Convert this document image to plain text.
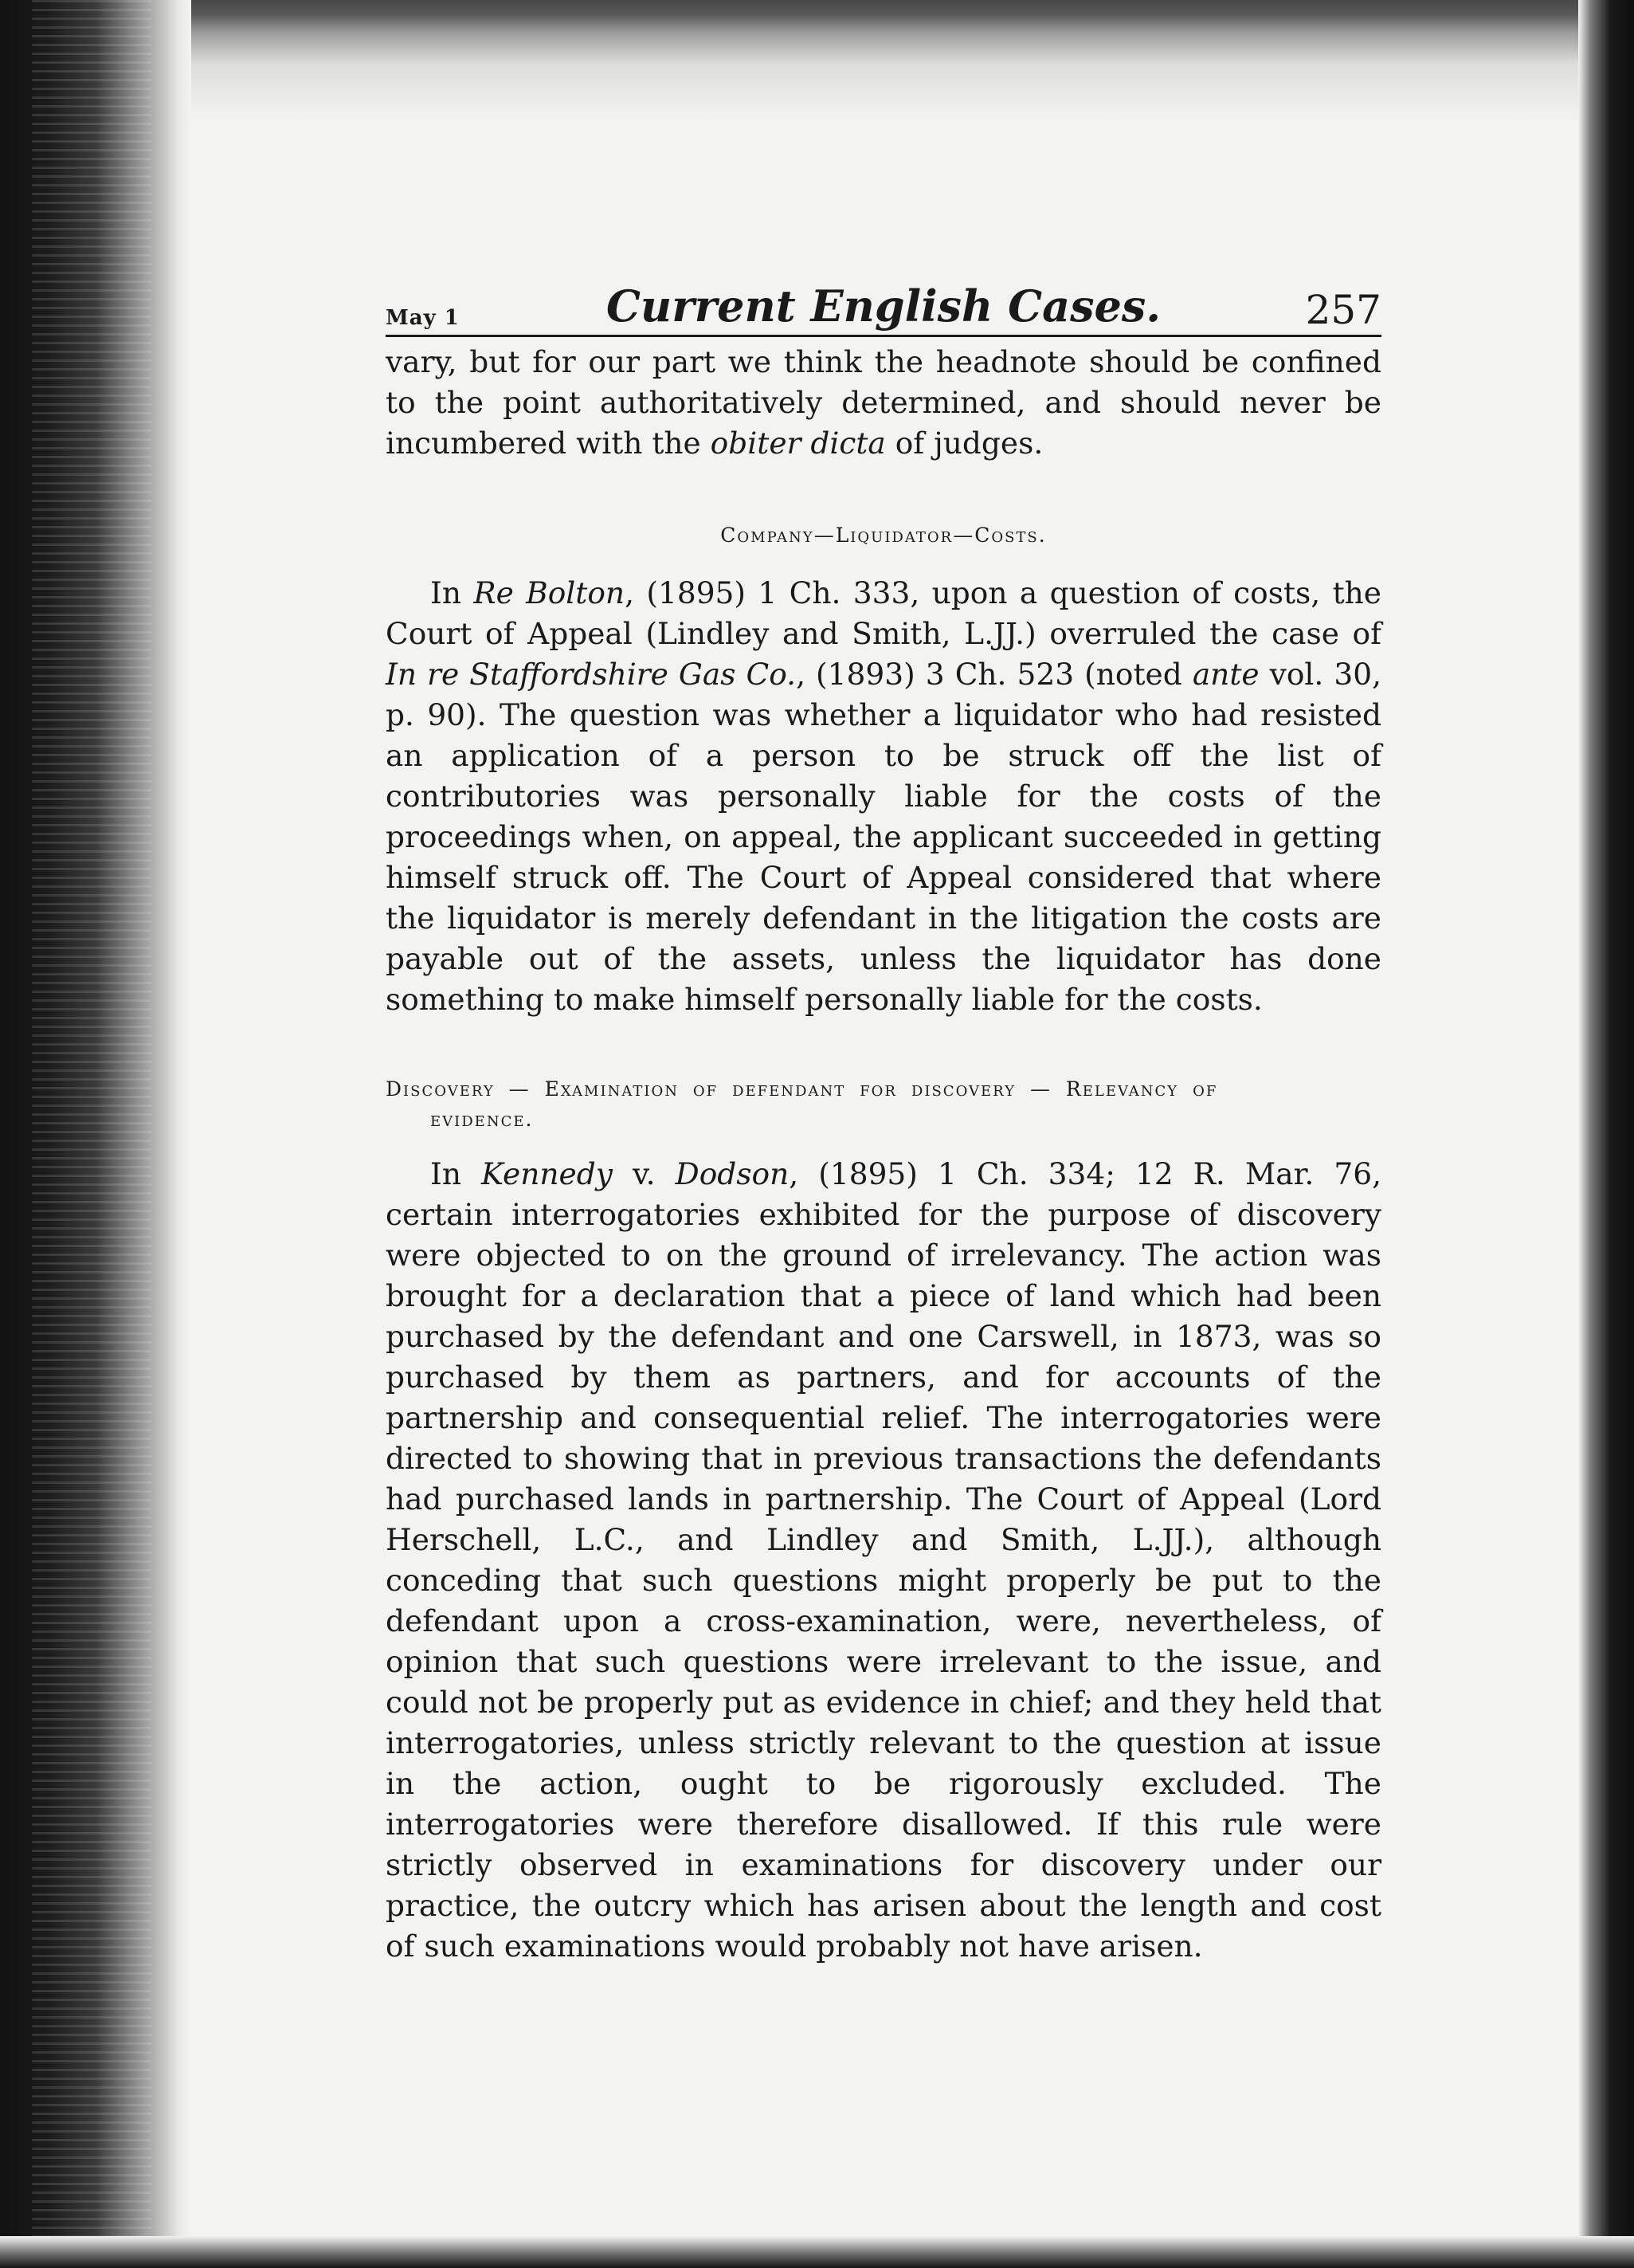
May 1	Current English Cases.	257

vary, but for our part we think the headnote should be confined to the point authoritatively determined, and should never be incumbered with the obiter dicta of judges.

Company—Liquidator—Costs.

In Re Bolton, (1895) 1 Ch. 333, upon a question of costs, the Court of Appeal (Lindley and Smith, L.JJ.) overruled the case of In re Staffordshire Gas Co., (1893) 3 Ch. 523 (noted ante vol. 30, p. 90). The question was whether a liquidator who had resisted an application of a person to be struck off the list of contributories was personally liable for the costs of the proceedings when, on appeal, the applicant succeeded in getting himself struck off. The Court of Appeal considered that where the liquidator is merely defendant in the litigation the costs are payable out of the assets, unless the liquidator has done something to make himself personally liable for the costs.

Discovery — Examination of defendant for discovery — Relevancy of
evidence.

In Kennedy v. Dodson, (1895) 1 Ch. 334; 12 R. Mar. 76, certain interrogatories exhibited for the purpose of discovery were objected to on the ground of irrelevancy. The action was brought for a declaration that a piece of land which had been purchased by the defendant and one Carswell, in 1873, was so purchased by them as partners, and for accounts of the partnership and consequential relief. The interrogatories were directed to showing that in previous transactions the defendants had purchased lands in partnership. The Court of Appeal (Lord Herschell, L.C., and Lindley and Smith, L.JJ.), although conceding that such questions might properly be put to the defendant upon a cross-examination, were, nevertheless, of opinion that such questions were irrelevant to the issue, and could not be properly put as evidence in chief; and they held that interrogatories, unless strictly relevant to the question at issue in the action, ought to be rigorously excluded. The interrogatories were therefore disallowed. If this rule were strictly observed in examinations for discovery under our practice, the outcry which has arisen about the length and cost of such examinations would probably not have arisen.
